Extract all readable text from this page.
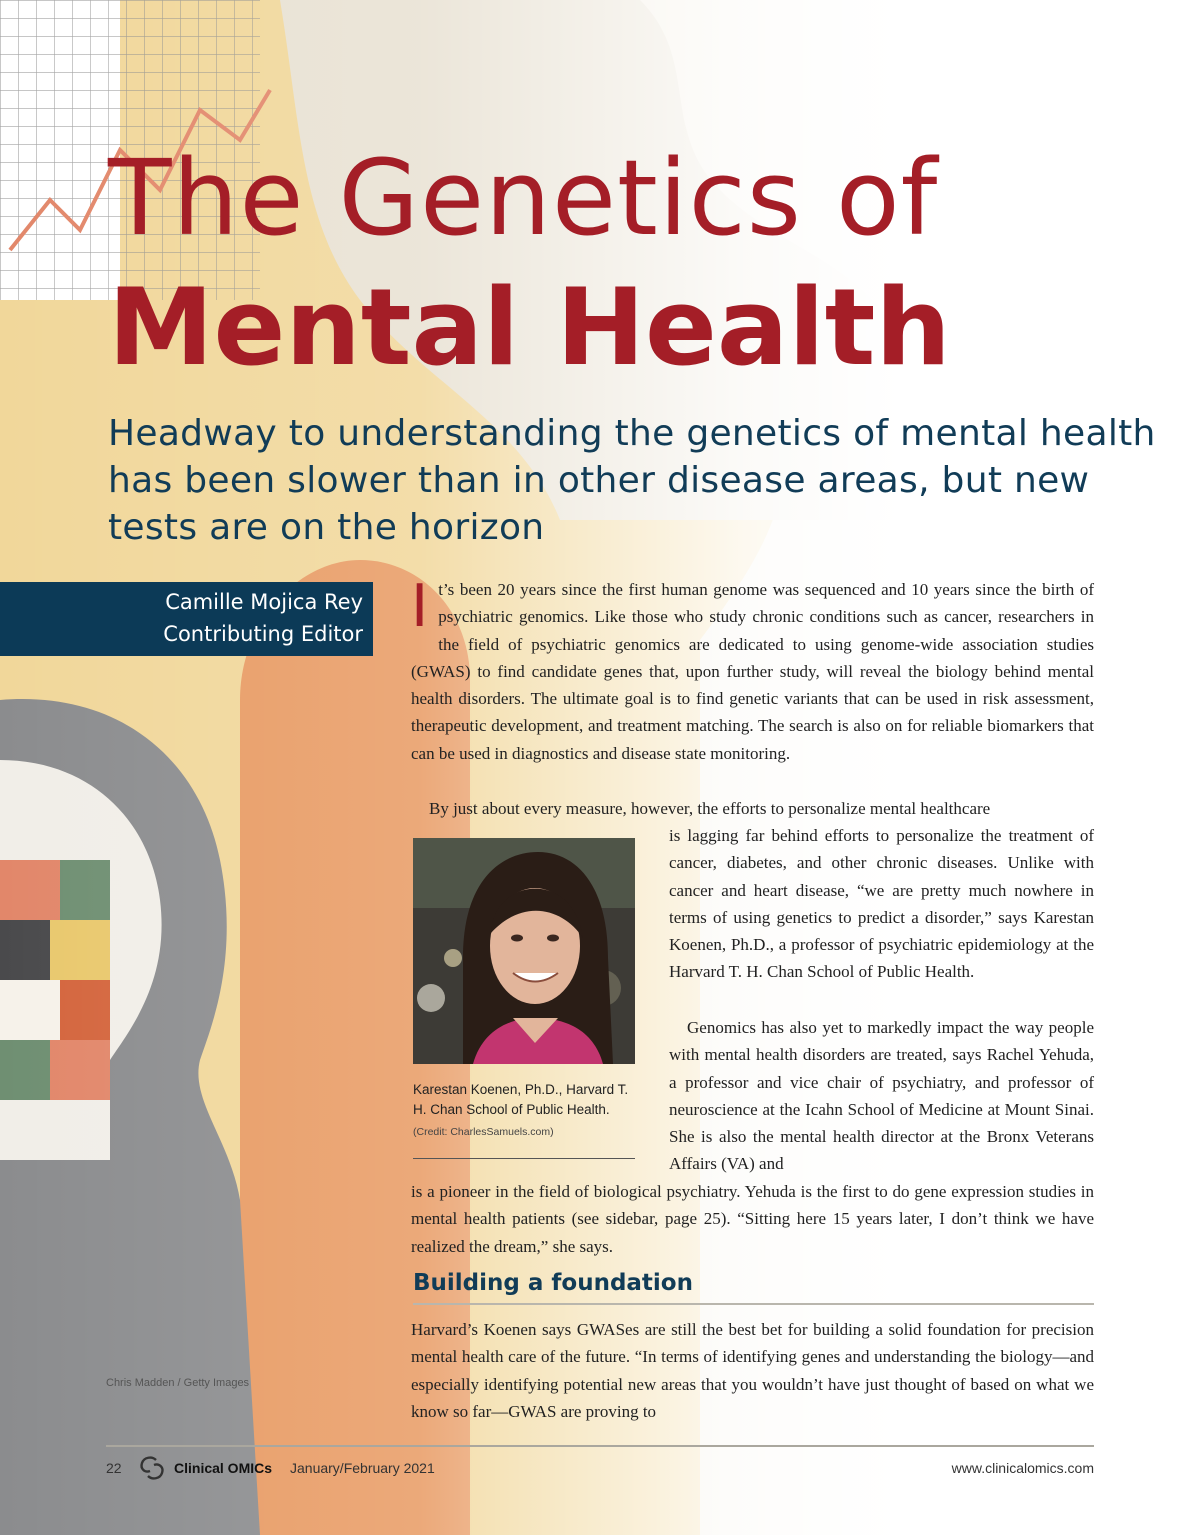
The Genetics of
Mental Health

Headway to understanding the genetics of mental health has been slower than in other disease areas, but new tests are on the horizon

Camille Mojica Rey
Contributing Editor It’s been 20 years since the first human genome was sequenced and 10 years since the birth of psychiatric genomics. Like those who study chronic conditions such as cancer, researchers in the field of psychiatric genomics are dedicated to using genome-wide association studies (GWAS) to find candidate genes that, upon further study, will reveal the biology behind mental health disorders. The ultimate goal is to find genetic variants that can be used in risk assessment, therapeutic development, and treatment matching. The search is also on for reliable biomarkers that can be used in diagnostics and disease state monitoring.

By just about every measure, however, the efforts to personalize mental healthcare

is lagging far behind efforts to personalize the treatment of cancer, diabetes, and other chronic diseases. Unlike with cancer and heart disease, “we are pretty much nowhere in terms of using genetics to predict a disorder,” says Karestan Koenen, Ph.D., a professor of psychiatric epidemiology at the Harvard T. H. Chan School of Public Health.

Genomics has also yet to markedly impact the way people with mental health disorders are treated, says Rachel Yehuda, a professor and vice chair of psychiatry, and professor of neuroscience at the Icahn School of Medicine at Mount Sinai. She is also the mental health director at the Bronx Veterans Affairs (VA) and

is a pioneer in the field of biological psychiatry. Yehuda is the first to do gene expression studies in mental health patients (see sidebar, page 25). “Sitting here 15 years later, I don’t think we have realized the dream,” she says.

Karestan Koenen, Ph.D., Harvard T. H. Chan School of Public Health.
(Credit: CharlesSamuels.com)
Building a foundation

Harvard’s Koenen says GWASes are still the best bet for building a solid foundation for precision mental health care of the future. “In terms of identifying genes and understanding the biology—and especially identifying potential new areas that you wouldn’t have just thought of based on what we know so far—GWAS are proving to

Chris Madden / Getty Images
22	Clinical OMICs January/February 2021	www.clinicalomics.com
